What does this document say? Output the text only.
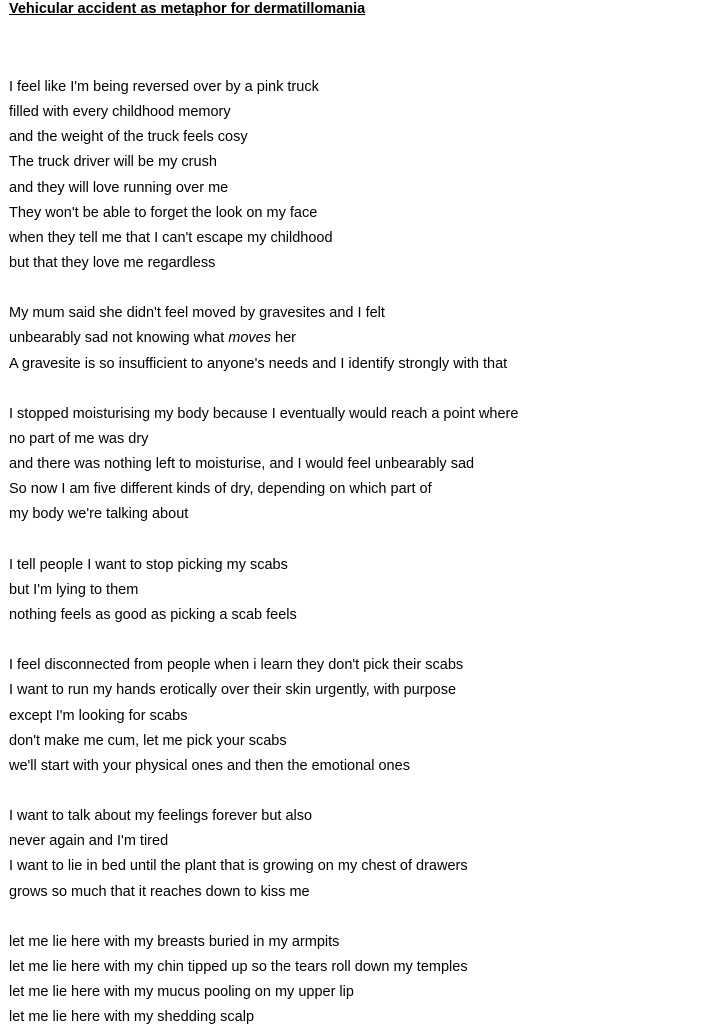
Vehicular accident as metaphor for dermatillomania
I feel like I'm being reversed over by a pink truck
filled with every childhood memory
and the weight of the truck feels cosy
The truck driver will be my crush
and they will love running over me
They won't be able to forget the look on my face
when they tell me that I can't escape my childhood
but that they love me regardless
My mum said she didn't feel moved by gravesites and I felt
unbearably sad not knowing what moves her
A gravesite is so insufficient to anyone's needs and I identify strongly with that
I stopped moisturising my body because I eventually would reach a point where
no part of me was dry
and there was nothing left to moisturise, and I would feel unbearably sad
So now I am five different kinds of dry, depending on which part of
my body we're talking about
I tell people I want to stop picking my scabs
but I'm lying to them
nothing feels as good as picking a scab feels
I feel disconnected from people when i learn they don't pick their scabs
I want to run my hands erotically over their skin urgently, with purpose
except I'm looking for scabs
don't make me cum, let me pick your scabs
we'll start with your physical ones and then the emotional ones
I want to talk about my feelings forever but also
never again and I'm tired
I want to lie in bed until the plant that is growing on my chest of drawers
grows so much that it reaches down to kiss me
let me lie here with my breasts buried in my armpits
let me lie here with my chin tipped up so the tears roll down my temples
let me lie here with my mucus pooling on my upper lip
let me lie here with my shedding scalp
